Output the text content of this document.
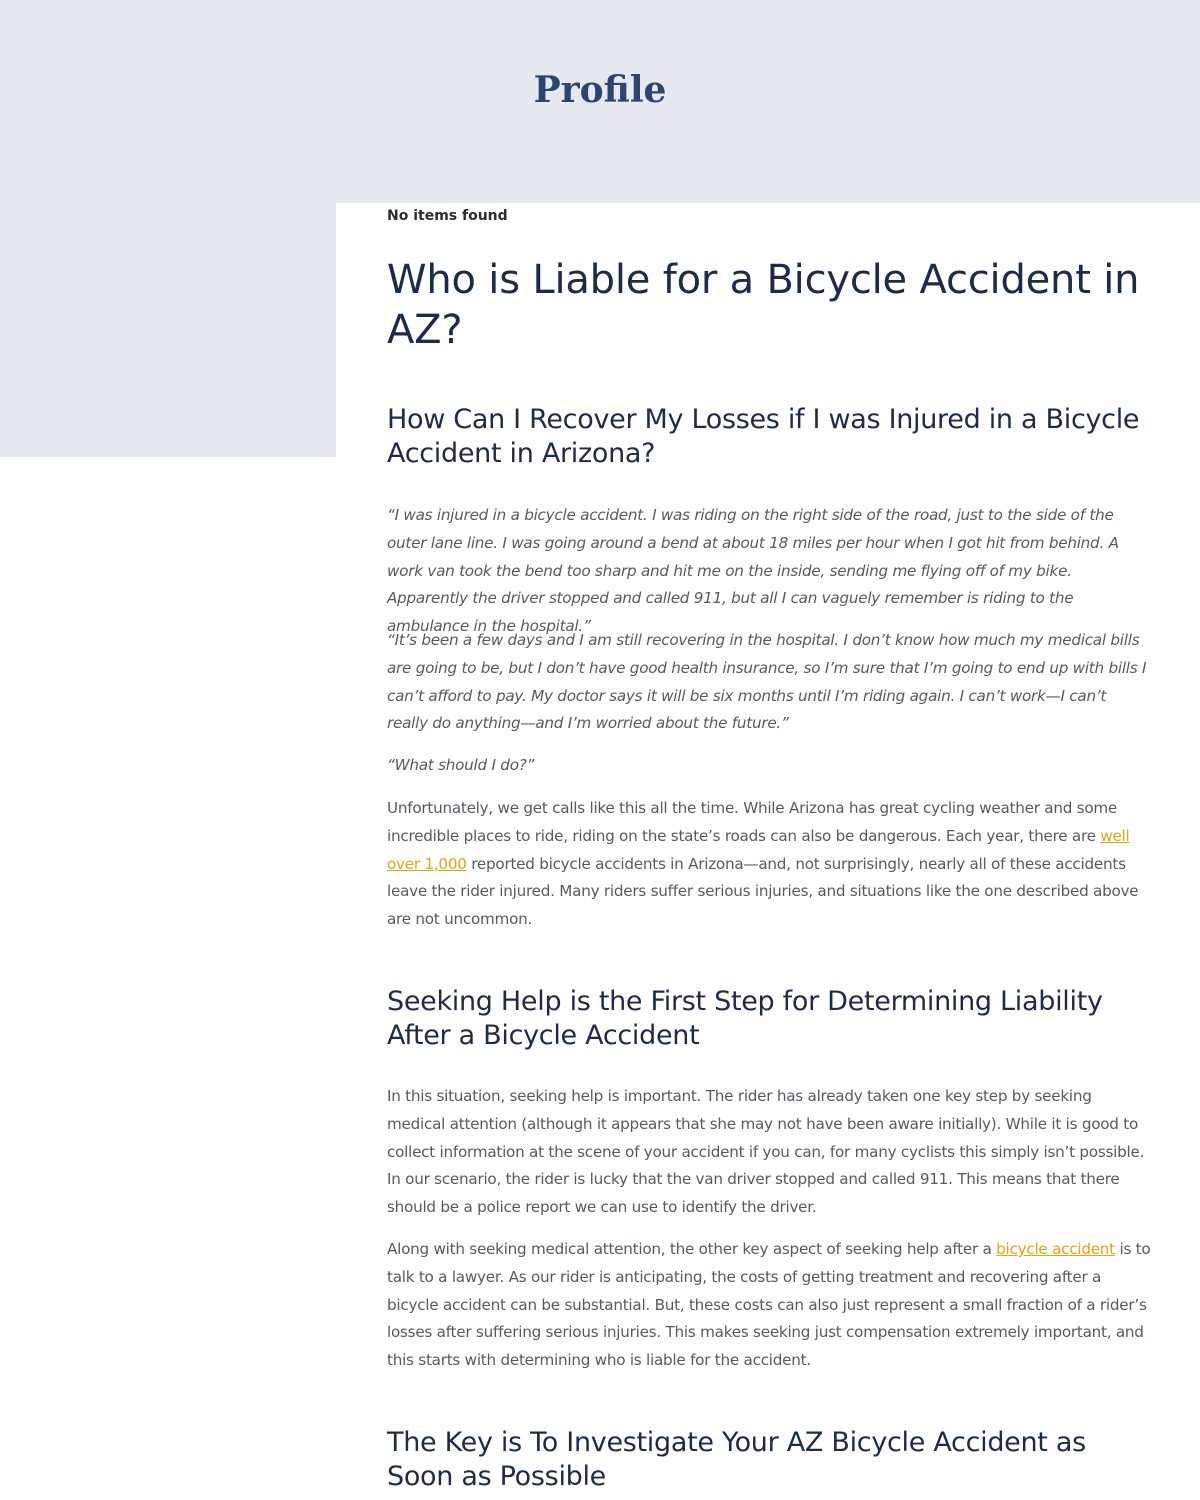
Profile
No items found
Who is Liable for a Bicycle Accident in AZ?
How Can I Recover My Losses if I was Injured in a Bicycle Accident in Arizona?

“I was injured in a bicycle accident. I was riding on the right side of the road, just to the side of the outer lane line. I was going around a bend at about 18 miles per hour when I got hit from behind. A work van took the bend too sharp and hit me on the inside, sending me flying off of my bike. Apparently the driver stopped and called 911, but all I can vaguely remember is riding to the ambulance in the hospital.”

“It’s been a few days and I am still recovering in the hospital. I don’t know how much my medical bills are going to be, but I don’t have good health insurance, so I’m sure that I’m going to end up with bills I can’t afford to pay. My doctor says it will be six months until I’m riding again. I can’t work—I can’t really do anything—and I’m worried about the future.”

“What should I do?”

Unfortunately, we get calls like this all the time. While Arizona has great cycling weather and some incredible places to ride, riding on the state’s roads can also be dangerous. Each year, there are well over 1,000 reported bicycle accidents in Arizona—and, not surprisingly, nearly all of these accidents leave the rider injured. Many riders suffer serious injuries, and situations like the one described above are not uncommon.

Seeking Help is the First Step for Determining Liability After a Bicycle Accident

In this situation, seeking help is important. The rider has already taken one key step by seeking medical attention (although it appears that she may not have been aware initially). While it is good to collect information at the scene of your accident if you can, for many cyclists this simply isn’t possible. In our scenario, the rider is lucky that the van driver stopped and called 911. This means that there should be a police report we can use to identify the driver.

Along with seeking medical attention, the other key aspect of seeking help after a bicycle accident is to talk to a lawyer. As our rider is anticipating, the costs of getting treatment and recovering after a bicycle accident can be substantial. But, these costs can also just represent a small fraction of a rider’s losses after suffering serious injuries. This makes seeking just compensation extremely important, and this starts with determining who is liable for the accident.

The Key is To Investigate Your AZ Bicycle Accident as Soon as Possible
